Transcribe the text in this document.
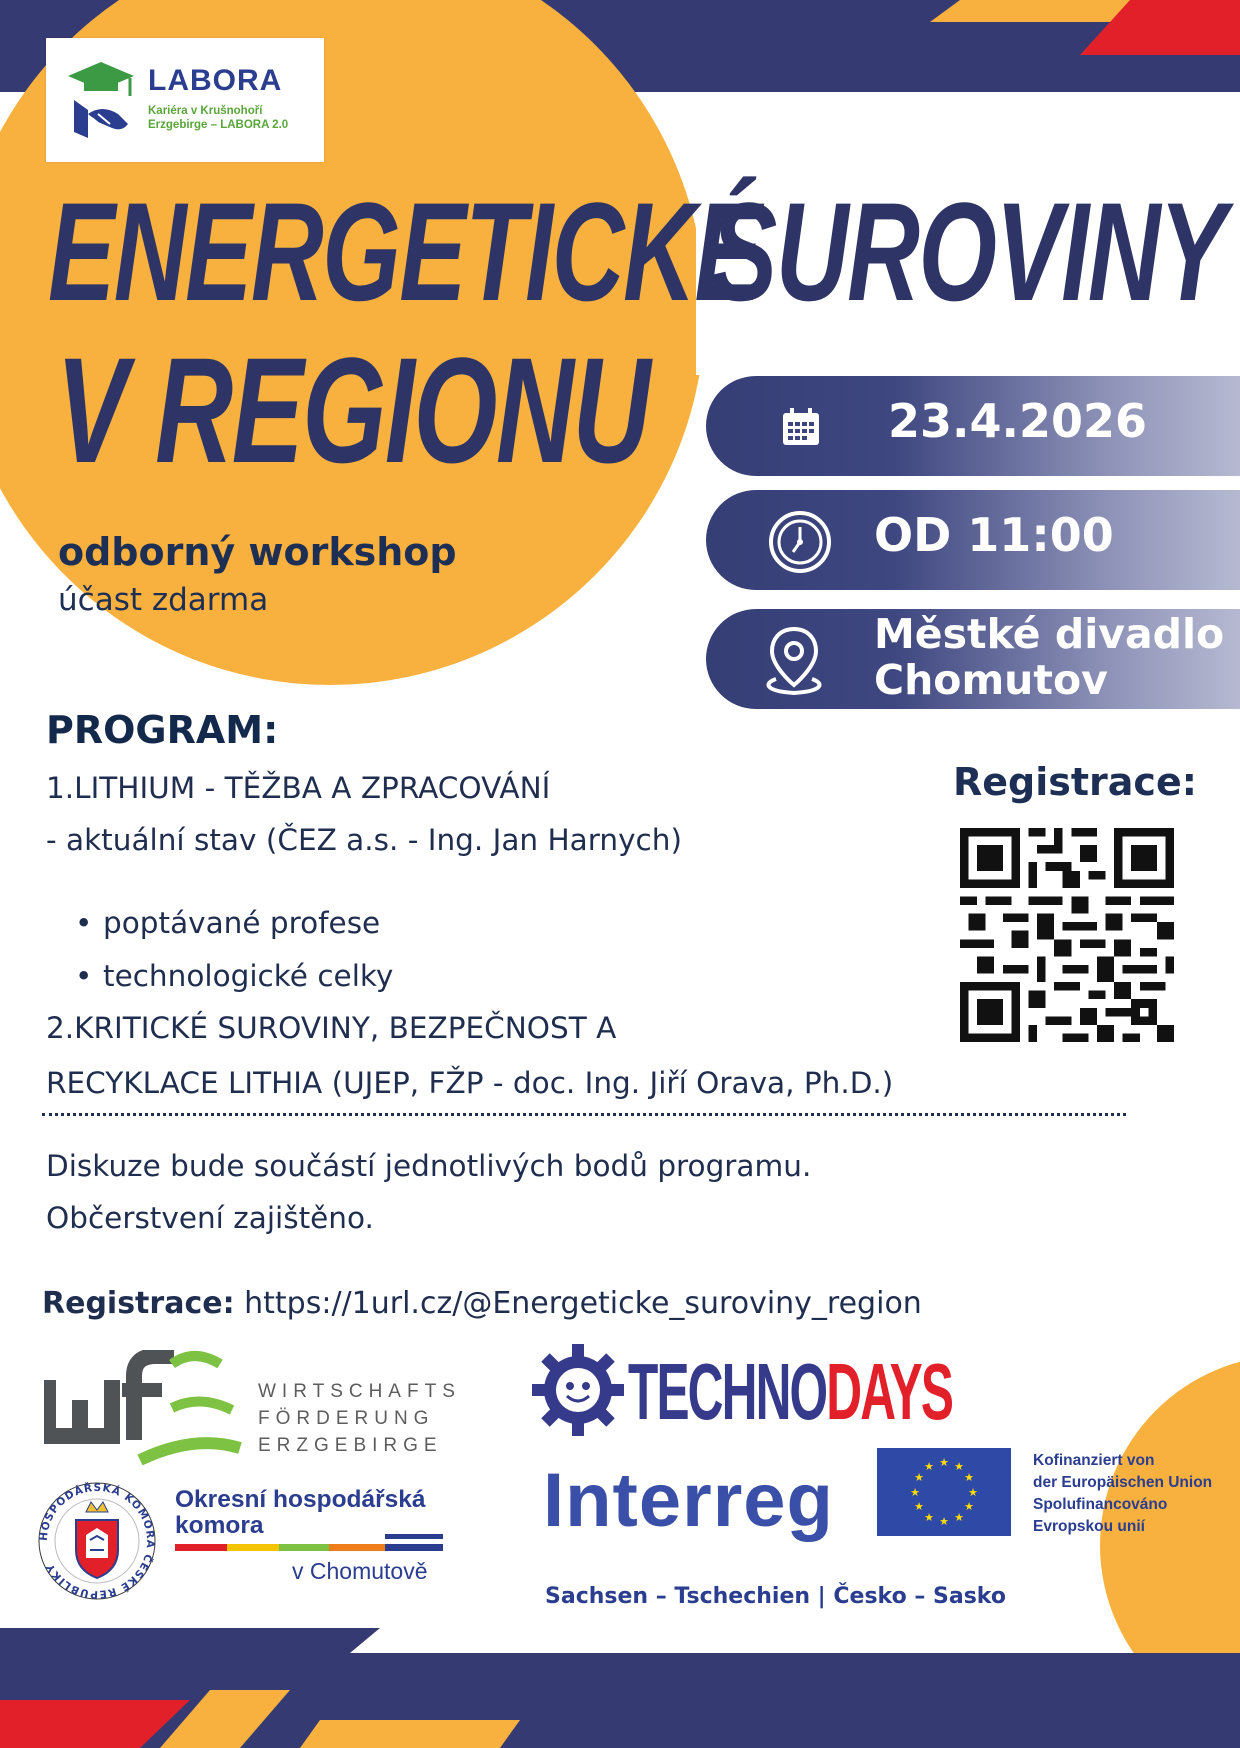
LABORA
Kariéra v Krušnohoří
Erzgebirge – LABORA 2.0
ENERGETICKÉ
SUROVINY
V REGIONU
odborný workshop
účast zdarma
23.4.2026
OD 11:00
Městké divadlo
Chomutov
PROGRAM:
1.LITHIUM - TĚŽBA A ZPRACOVÁNÍ
- aktuální stav (ČEZ a.s. - Ing. Jan Harnych)
• poptávané profese
• technologické celky
2.KRITICKÉ SUROVINY, BEZPEČNOST A
RECYKLACE LITHIA (UJEP, FŽP - doc. Ing. Jiří Orava, Ph.D.)
Diskuze bude součástí jednotlivých bodů programu.
Občerstvení zajištěno.
Registrace:
Registrace: https://1url.cz/@Energeticke_suroviny_region
WIRTSCHAFTS
FÖRDERUNG
ERZGEBIRGE
HOSPODÁŘSKÁ KOMORA ČESKÉ REPUBLIKY
Okresní hospodářská
komora
v Chomutově
TECHNODAYS
Interreg	★ ★
★
★
★
★
★
★
★
★
★
★	Kofinanziert von
der Europäischen Union
Spolufinancováno
Evropskou unií
Sachsen – Tschechien | Česko – Sasko
